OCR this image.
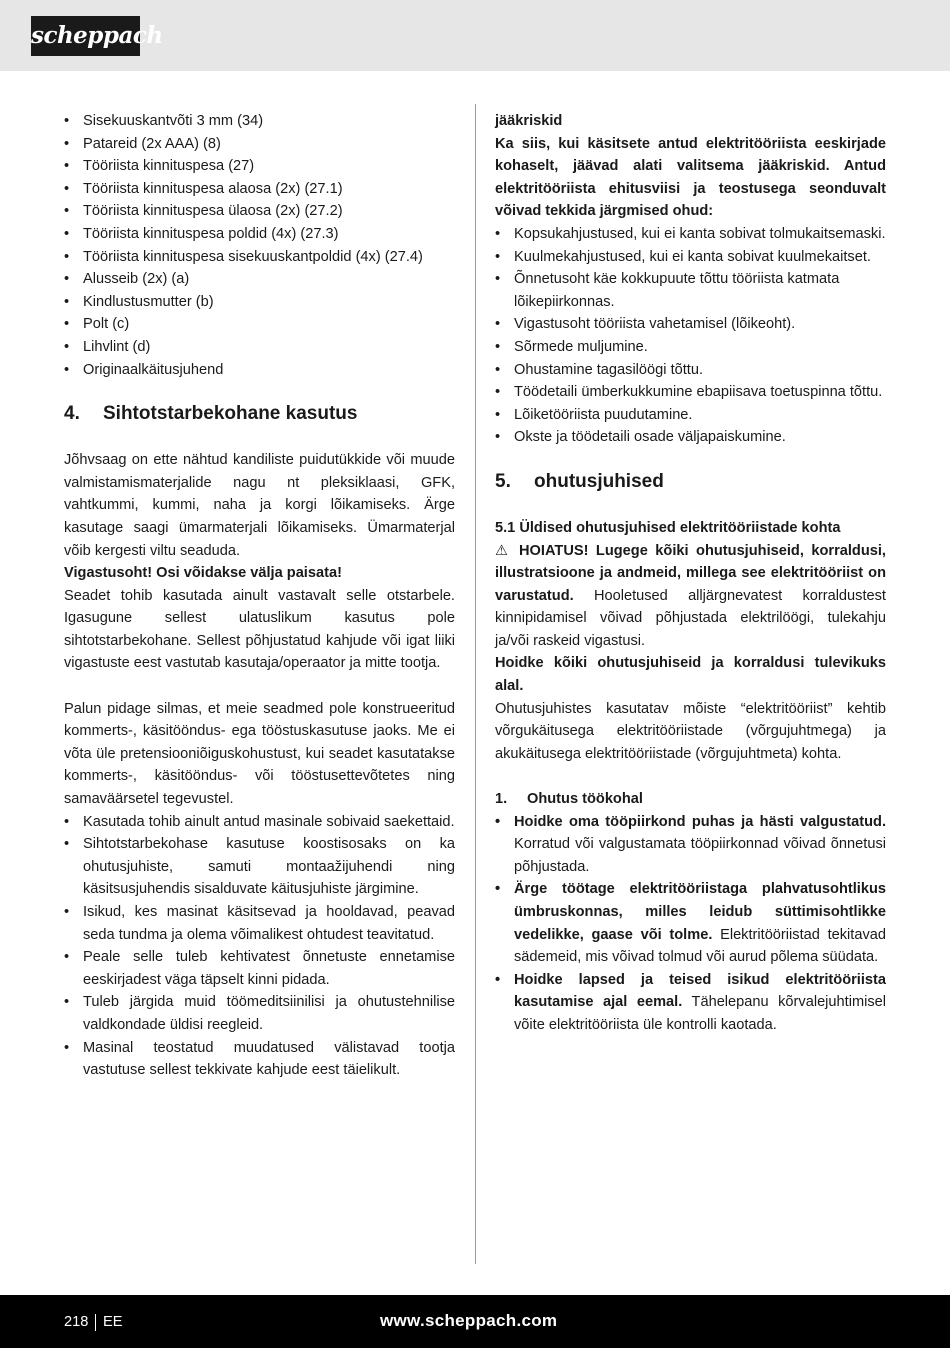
scheppach
• Sisekuuskantvõti 3 mm (34)
• Patareid (2x AAA) (8)
• Tööriista kinnituspesa (27)
• Tööriista kinnituspesa alaosa (2x) (27.1)
• Tööriista kinnituspesa ülaosa (2x) (27.2)
• Tööriista kinnituspesa poldid (4x) (27.3)
• Tööriista kinnituspesa sisekuuskantpoldid (4x) (27.4)
• Alusseib (2x) (a)
• Kindlustusmutter (b)
• Polt (c)
• Lihvlint (d)
• Originaalkäitusjuhend
4.	Sihtotstarbekohane kasutus

Jõhvsaag on ette nähtud kandiliste puidutükkide või muude valmistamismaterjalide nagu nt pleksiklaasi, GFK, vahtkummi, kummi, naha ja korgi lõikamiseks. Ärge kasutage saagi ümarmaterjali lõikamiseks. Ümarmaterjal võib kergesti viltu seaduda.

Vigastusoht! Osi võidakse välja paisata!

Seadet tohib kasutada ainult vastavalt selle otstarbele. Igasugune sellest ulatuslikum kasutus pole sihtotstarbekohane. Sellest põhjustatud kahjude või igat liiki vigastuste eest vastutab kasutaja/operaator ja mitte tootja.

Palun pidage silmas, et meie seadmed pole konstrueeritud kommerts-, käsitööndus- ega tööstuskasutuse jaoks. Me ei võta üle pretensiooniõiguskohustust, kui seadet kasutatakse kommerts-, käsitööndus- või tööstusettevõtetes ning samaväärsetel tegevustel.

• Kasutada tohib ainult antud masinale sobivaid saekettaid.
• Sihtotstarbekohase kasutuse koostisosaks on ka ohutusjuhiste, samuti montaažijuhendi ning käsitsusjuhendis sisalduvate käitusjuhiste järgimine.
• Isikud, kes masinat käsitsevad ja hooldavad, peavad seda tundma ja olema võimalikest ohtudest teavitatud.
• Peale selle tuleb kehtivatest õnnetuste ennetamise eeskirjadest väga täpselt kinni pidada.
• Tuleb järgida muid töömeditsiinilisi ja ohutustehnilise valdkondade üldisi reegleid.
• Masinal teostatud muudatused välistavad tootja vastutuse sellest tekkivate kahjude eest täielikult.

jääkriskid

Ka siis, kui käsitsete antud elektritööriista eeskirjade kohaselt, jäävad alati valitsema jääkriskid. Antud elektritööriista ehitusviisi ja teostusega seonduvalt võivad tekkida järgmised ohud:

• Kopsukahjustused, kui ei kanta sobivat tolmukaitsemaski.
• Kuulmekahjustused, kui ei kanta sobivat kuulmekaitset.
• Õnnetusoht käe kokkupuute tõttu tööriista katmata lõikepiirkonnas.
• Vigastusoht tööriista vahetamisel (lõikeoht).
• Sõrmede muljumine.
• Ohustamine tagasilöögi tõttu.
• Töödetaili ümberkukkumine ebapiisava toetuspinna tõttu.
• Lõiketööriista puudutamine.
• Okste ja töödetaili osade väljapaiskumine.
5.	ohutusjuhised

5.1 Üldised ohutusjuhised elektritööriistade kohta

⚠ HOIATUS! Lugege kõiki ohutusjuhiseid, korraldusi, illustratsioone ja andmeid, millega see elektritööriist on varustatud. Hooletused alljärgnevatest korraldustest kinnipidamisel võivad põhjustada elektrilöögi, tulekahju ja/või raskeid vigastusi.

Hoidke kõiki ohutusjuhiseid ja korraldusi tulevikuks alal.

Ohutusjuhistes kasutatav mõiste “elektritööriist” kehtib võrgukäitusega elektritööriistade (võrgujuhtmega) ja akukäitusega elektritööriistade (võrgujuhtmeta) kohta.

1.	Ohutus töökohal
• Hoidke oma tööpiirkond puhas ja hästi valgustatud. Korratud või valgustamata tööpiirkonnad võivad õnnetusi põhjustada.
• Ärge töötage elektritööriistaga plahvatusohtlikus ümbruskonnas, milles leidub süttimisohtlikke vedelikke, gaase või tolme. Elektritööriistad tekitavad sädemeid, mis võivad tolmud või aurud põlema süüdata.
• Hoidke lapsed ja teised isikud elektritööriista kasutamise ajal eemal. Tähelepanu kõrvalejuhtimisel võite elektritööriista üle kontrolli kaotada.
218 EE	www.scheppach.com
